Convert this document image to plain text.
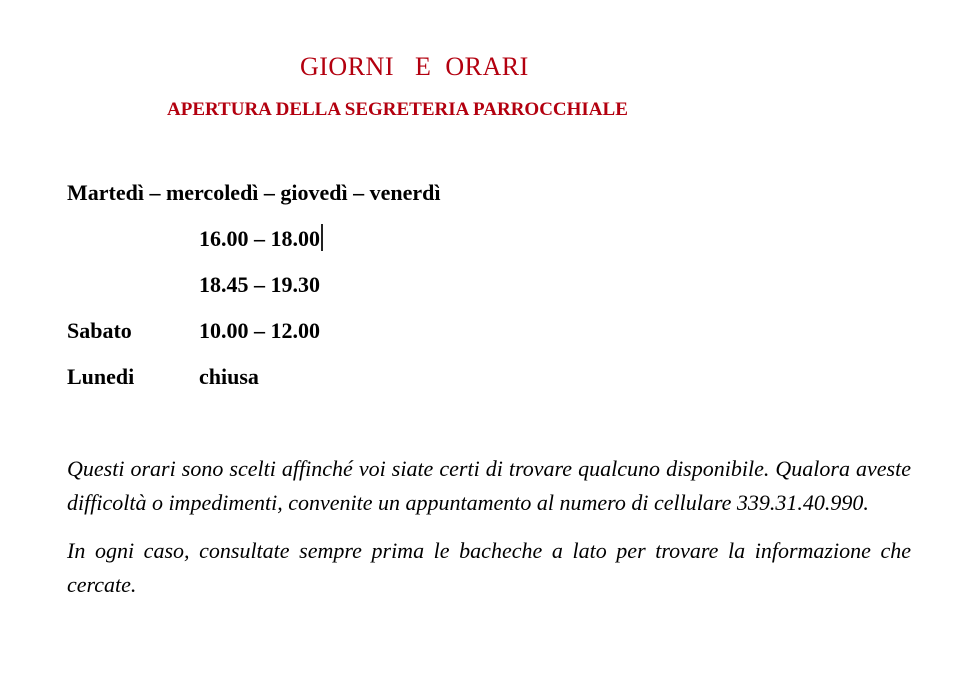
GIORNI   E  ORARI
APERTURA DELLA SEGRETERIA PARROCCHIALE
Martedì – mercoledì – giovedì – venerdì
16.00 – 18.00
18.45 – 19.30
Sabato	10.00 – 12.00
Lunedi	chiusa

Questi orari sono scelti affinché voi siate certi di trovare qualcuno disponibile. Qualora aveste difficoltà o impedimenti, convenite un appuntamento al numero di cellulare 339.31.40.990.

In ogni caso, consultate sempre prima le bacheche a lato per trovare la informazione che cercate.
